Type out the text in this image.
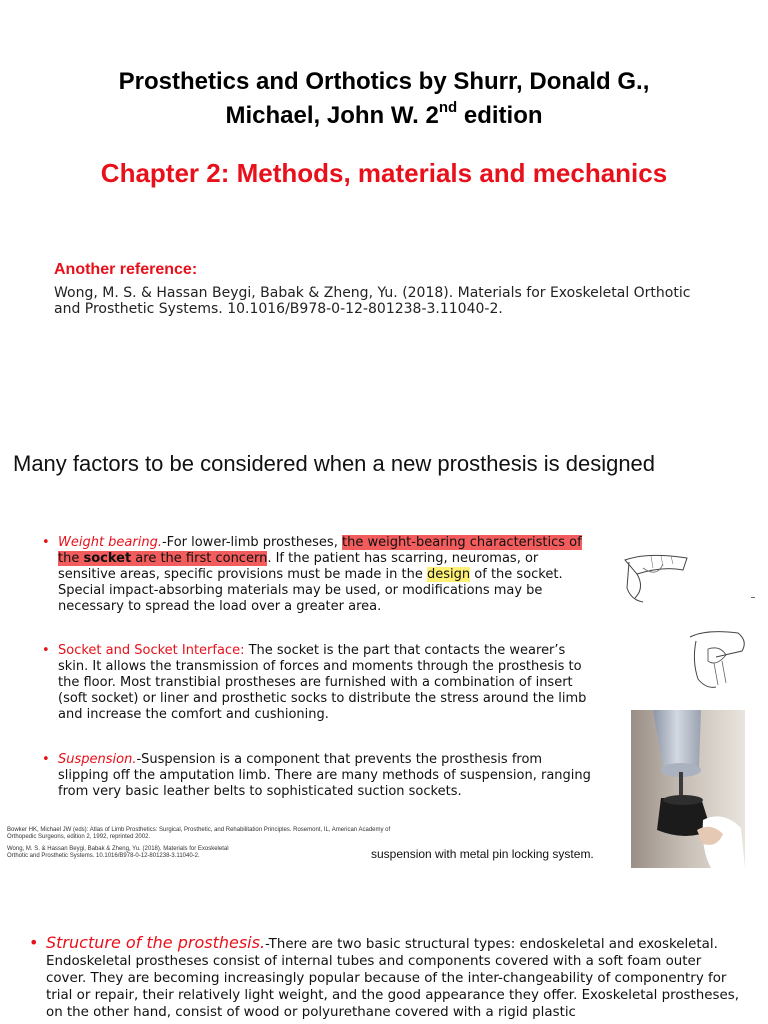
Prosthetics and Orthotics by Shurr, Donald G.,
Michael, John W. 2nd edition
Chapter 2: Methods, materials and mechanics
Another reference:
Wong, M. S. & Hassan Beygi, Babak & Zheng, Yu. (2018). Materials for Exoskeletal Orthotic and Prosthetic Systems. 10.1016/B978-0-12-801238-3.11040-2.
Many factors to be considered when a new prosthesis is designed
• Weight bearing.-For lower-limb prostheses, the weight-bearing characteristics of the socket are the first concern. If the patient has scarring, neuromas, or sensitive areas, specific provisions must be made in the design of the socket. Special impact-absorbing materials may be used, or modifications may be necessary to spread the load over a greater area.
• Socket and Socket Interface: The socket is the part that contacts the wearer’s skin. It allows the transmission of forces and moments through the prosthesis to the floor. Most transtibial prostheses are furnished with a combination of insert (soft socket) or liner and prosthetic socks to distribute the stress around the limb and increase the comfort and cushioning.
• Suspension.-Suspension is a component that prevents the prosthesis from slipping off the amputation limb. There are many methods of suspension, ranging from very basic leather belts to sophisticated suction sockets.
Bowker HK, Michael JW (eds): Atlas of Limb Prosthetics: Surgical, Prosthetic, and Rehabilitation Principles. Rosemont, IL, American Academy of Orthopedic Surgeons, edition 2, 1992, reprinted 2002.
Wong, M. S. & Hassan Beygi, Babak & Zheng, Yu. (2018). Materials for Exoskeletal Orthotic and Prosthetic Systems. 10.1016/B978-0-12-801238-3.11040-2.	suspension with metal pin locking system.
• Structure of the prosthesis.-There are two basic structural types: endoskeletal and exoskeletal. Endoskeletal prostheses consist of internal tubes and components covered with a soft foam outer cover. They are becoming increasingly popular because of the inter-changeability of componentry for trial or repair, their relatively light weight, and the good appearance they offer. Exoskeletal prostheses, on the other hand, consist of wood or polyurethane covered with a rigid plastic
